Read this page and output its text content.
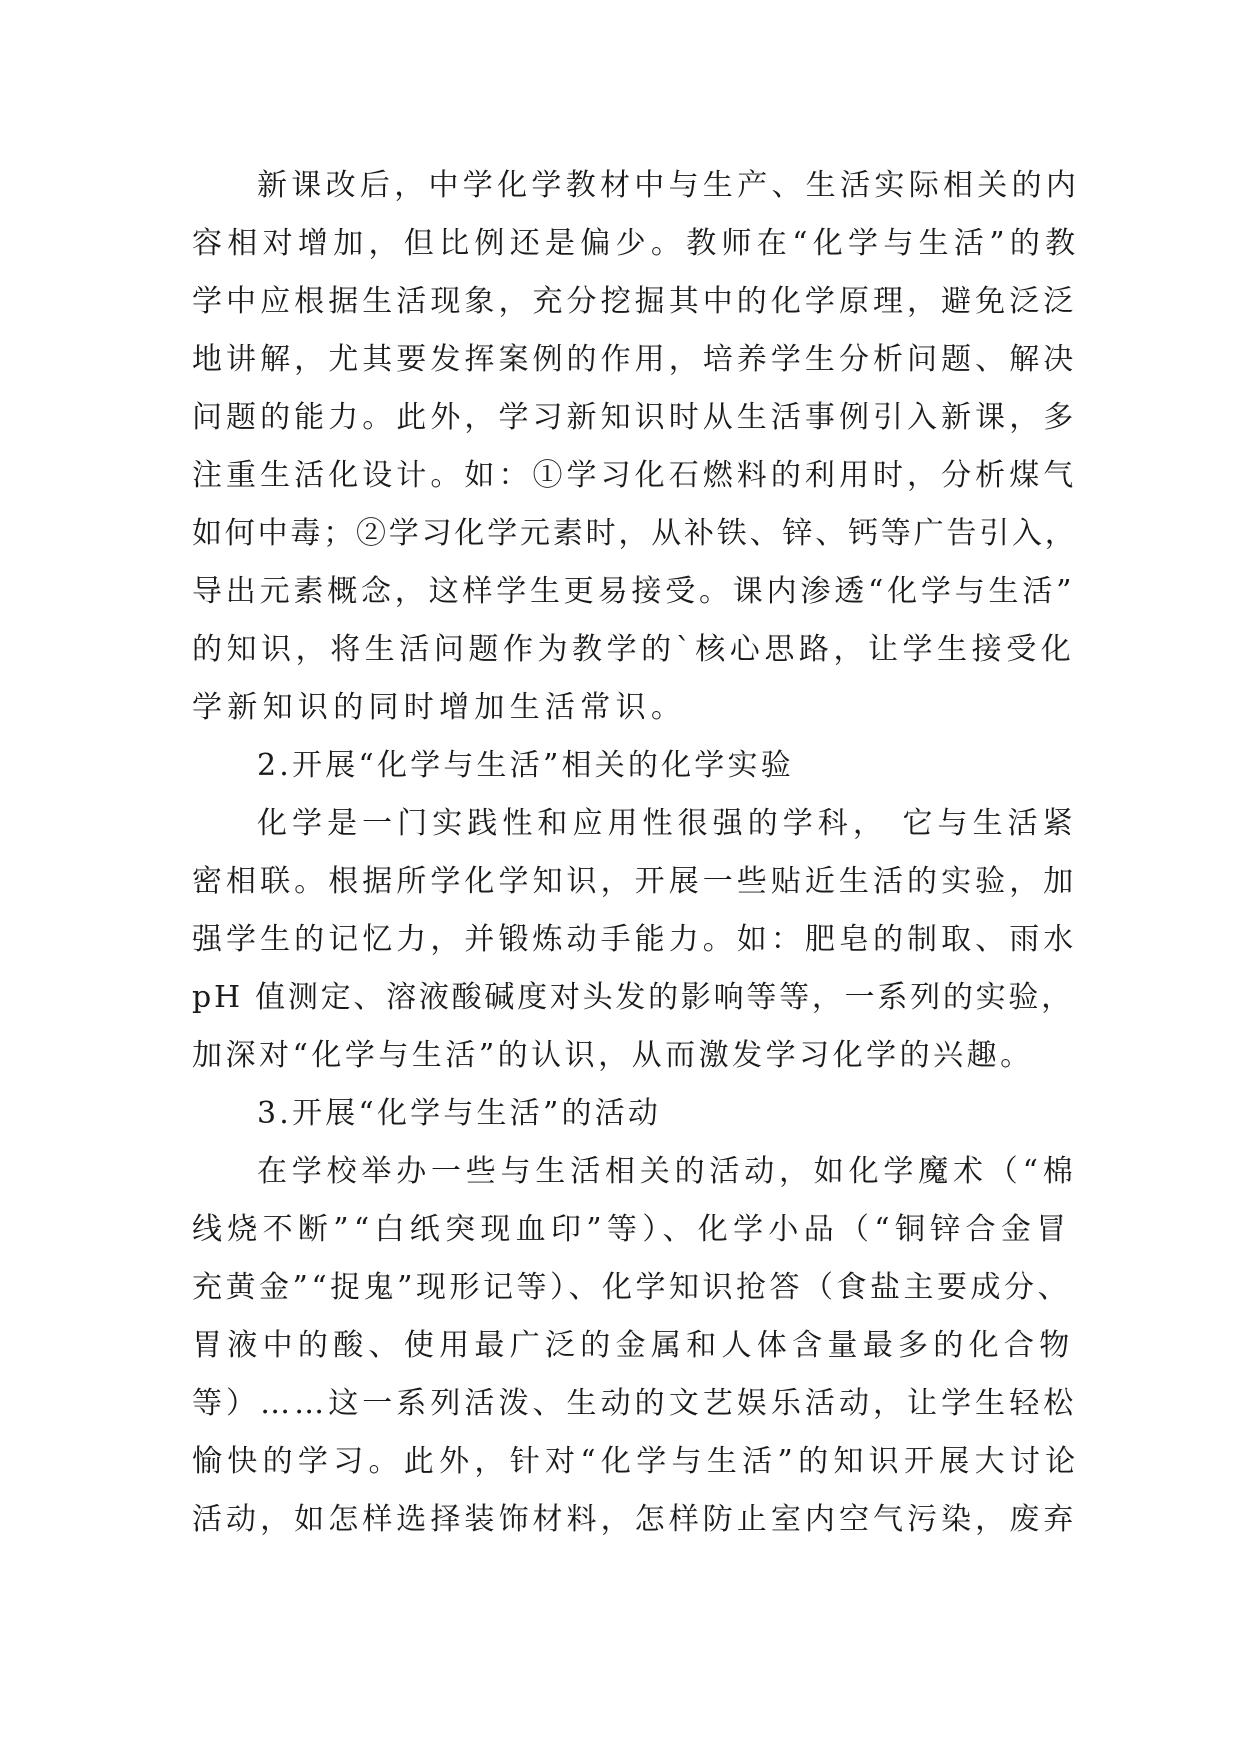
新课改后，中学化学教材中与生产、生活实际相关的内
容相对增加，但比例还是偏少。教师在“化学与生活”的教
学中应根据生活现象，充分挖掘其中的化学原理，避免泛泛
地讲解，尤其要发挥案例的作用，培养学生分析问题、解决
问题的能力。此外，学习新知识时从生活事例引入新课，多
注重生活化设计。如：①学习化石燃料的利用时，分析煤气
如何中毒；②学习化学元素时，从补铁、锌、钙等广告引入，
导出元素概念，这样学生更易接受。课内渗透“化学与生活”
的知识，将生活问题作为教学的`核心思路，让学生接受化
学新知识的同时增加生活常识。
2.开展“化学与生活”相关的化学实验
化学是一门实践性和应用性很强的学科， 它与生活紧
密相联。根据所学化学知识，开展一些贴近生活的实验，加
强学生的记忆力，并锻炼动手能力。如：肥皂的制取、雨水
pH 值测定、溶液酸碱度对头发的影响等等，一系列的实验，
加深对“化学与生活”的认识，从而激发学习化学的兴趣。
3.开展“化学与生活”的活动
在学校举办一些与生活相关的活动，如化学魔术（“棉
线烧不断”“白纸突现血印”等）、化学小品（“铜锌合金冒
充黄金”“捉鬼”现形记等）、化学知识抢答（食盐主要成分、
胃液中的酸、使用最广泛的金属和人体含量最多的化合物
等）……这一系列活泼、生动的文艺娱乐活动，让学生轻松
愉快的学习。此外，针对“化学与生活”的知识开展大讨论
活动，如怎样选择装饰材料，怎样防止室内空气污染，废弃
